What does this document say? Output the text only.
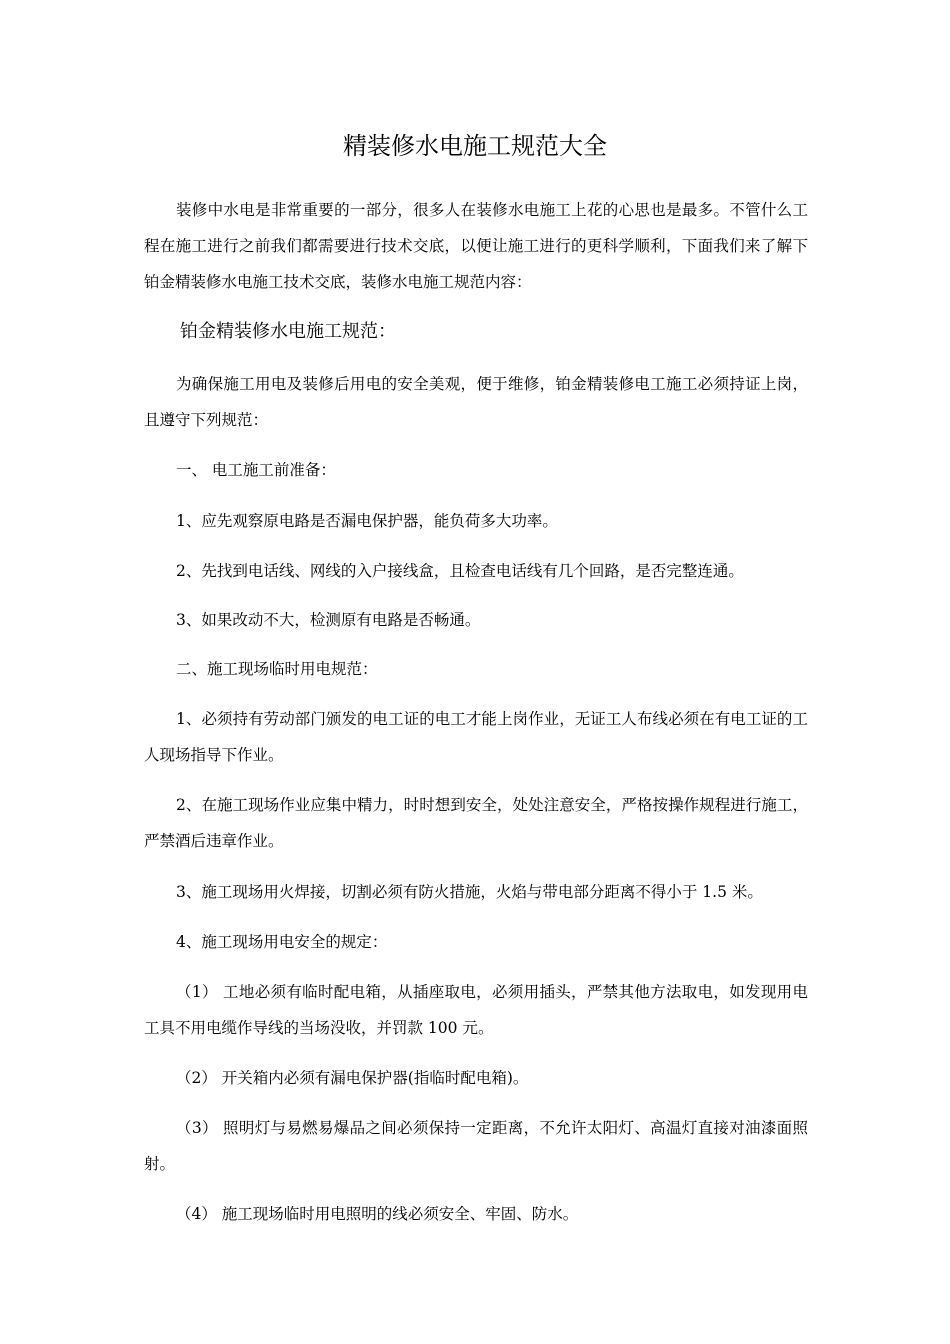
精装修水电施工规范大全

装修中水电是非常重要的一部分，很多人在装修水电施工上花的心思也是最多。不管什么工程在施工进行之前我们都需要进行技术交底，以便让施工进行的更科学顺利，下面我们来了解下铂金精装修水电施工技术交底，装修水电施工规范内容：

铂金精装修水电施工规范：

为确保施工用电及装修后用电的安全美观，便于维修，铂金精装修电工施工必须持证上岗，且遵守下列规范：

一、 电工施工前准备：
1、应先观察原电路是否漏电保护器，能负荷多大功率。
2、先找到电话线、网线的入户接线盒，且检查电话线有几个回路，是否完整连通。
3、如果改动不大，检测原有电路是否畅通。
二、施工现场临时用电规范：

1、必须持有劳动部门颁发的电工证的电工才能上岗作业，无证工人布线必须在有电工证的工人现场指导下作业。

2、在施工现场作业应集中精力，时时想到安全，处处注意安全，严格按操作规程进行施工，严禁酒后违章作业。

3、施工现场用火焊接，切割必须有防火措施，火焰与带电部分距离不得小于 1.5 米。
4、施工现场用电安全的规定：

（1） 工地必须有临时配电箱，从插座取电，必须用插头，严禁其他方法取电，如发现用电工具不用电缆作导线的当场没收，并罚款 100 元。

（2） 开关箱内必须有漏电保护器(指临时配电箱)。

（3） 照明灯与易燃易爆品之间必须保持一定距离，不允许太阳灯、高温灯直接对油漆面照射。

（4） 施工现场临时用电照明的线必须安全、牢固、防水。
